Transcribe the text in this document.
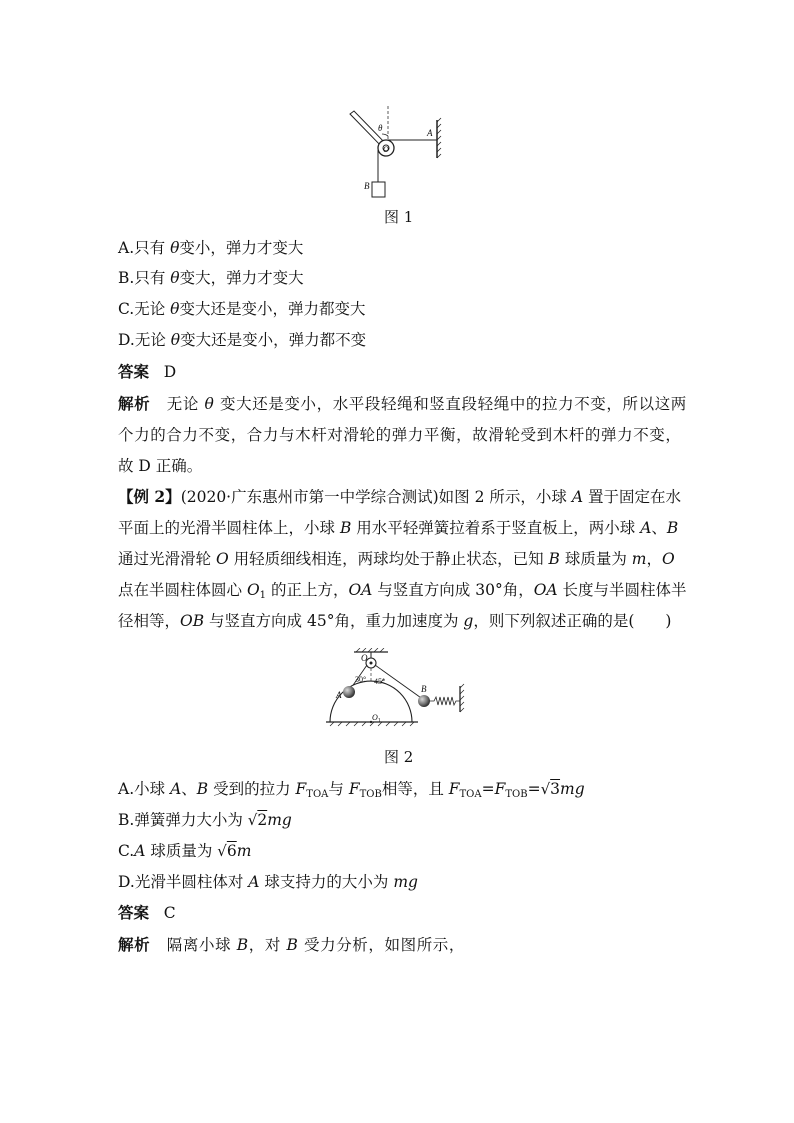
θ
O
A
B
图 1
A.只有 θ变小，弹力才变大
B.只有 θ变大，弹力才变大
C.无论 θ变大还是变小，弹力都变大
D.无论 θ变大还是变小，弹力都不变
答案 D
解析 无论 θ 变大还是变小，水平段轻绳和竖直段轻绳中的拉力不变，所以这两
个力的合力不变，合力与木杆对滑轮的弹力平衡，故滑轮受到木杆的弹力不变，
故 D 正确。
【例 2】(2020·广东惠州市第一中学综合测试)如图 2 所示，小球 A 置于固定在水
平面上的光滑半圆柱体上，小球 B 用水平轻弹簧拉着系于竖直板上，两小球 A、B
通过光滑滑轮 O 用轻质细线相连，两球均处于静止状态，已知 B 球质量为 m，O
点在半圆柱体圆心 $O_1$ 的正上方，OA 与竖直方向成 30°角，OA 长度与半圆柱体半
径相等，OB 与竖直方向成 45°角，重力加速度为 g，则下列叙述正确的是(　　)
O
30° 45°
A
B
$O_1$
图 2
A.小球 A、B 受到的拉力 $F_{TOA}$与 $F_{TOB}$相等，且 $F_{TOA}=F_{TOB}=√3mg$
B.弹簧弹力大小为 √2mg
C.A 球质量为 √6m
D.光滑半圆柱体对 A 球支持力的大小为 mg
答案 C
解析 隔离小球 B，对 B 受力分析，如图所示，
